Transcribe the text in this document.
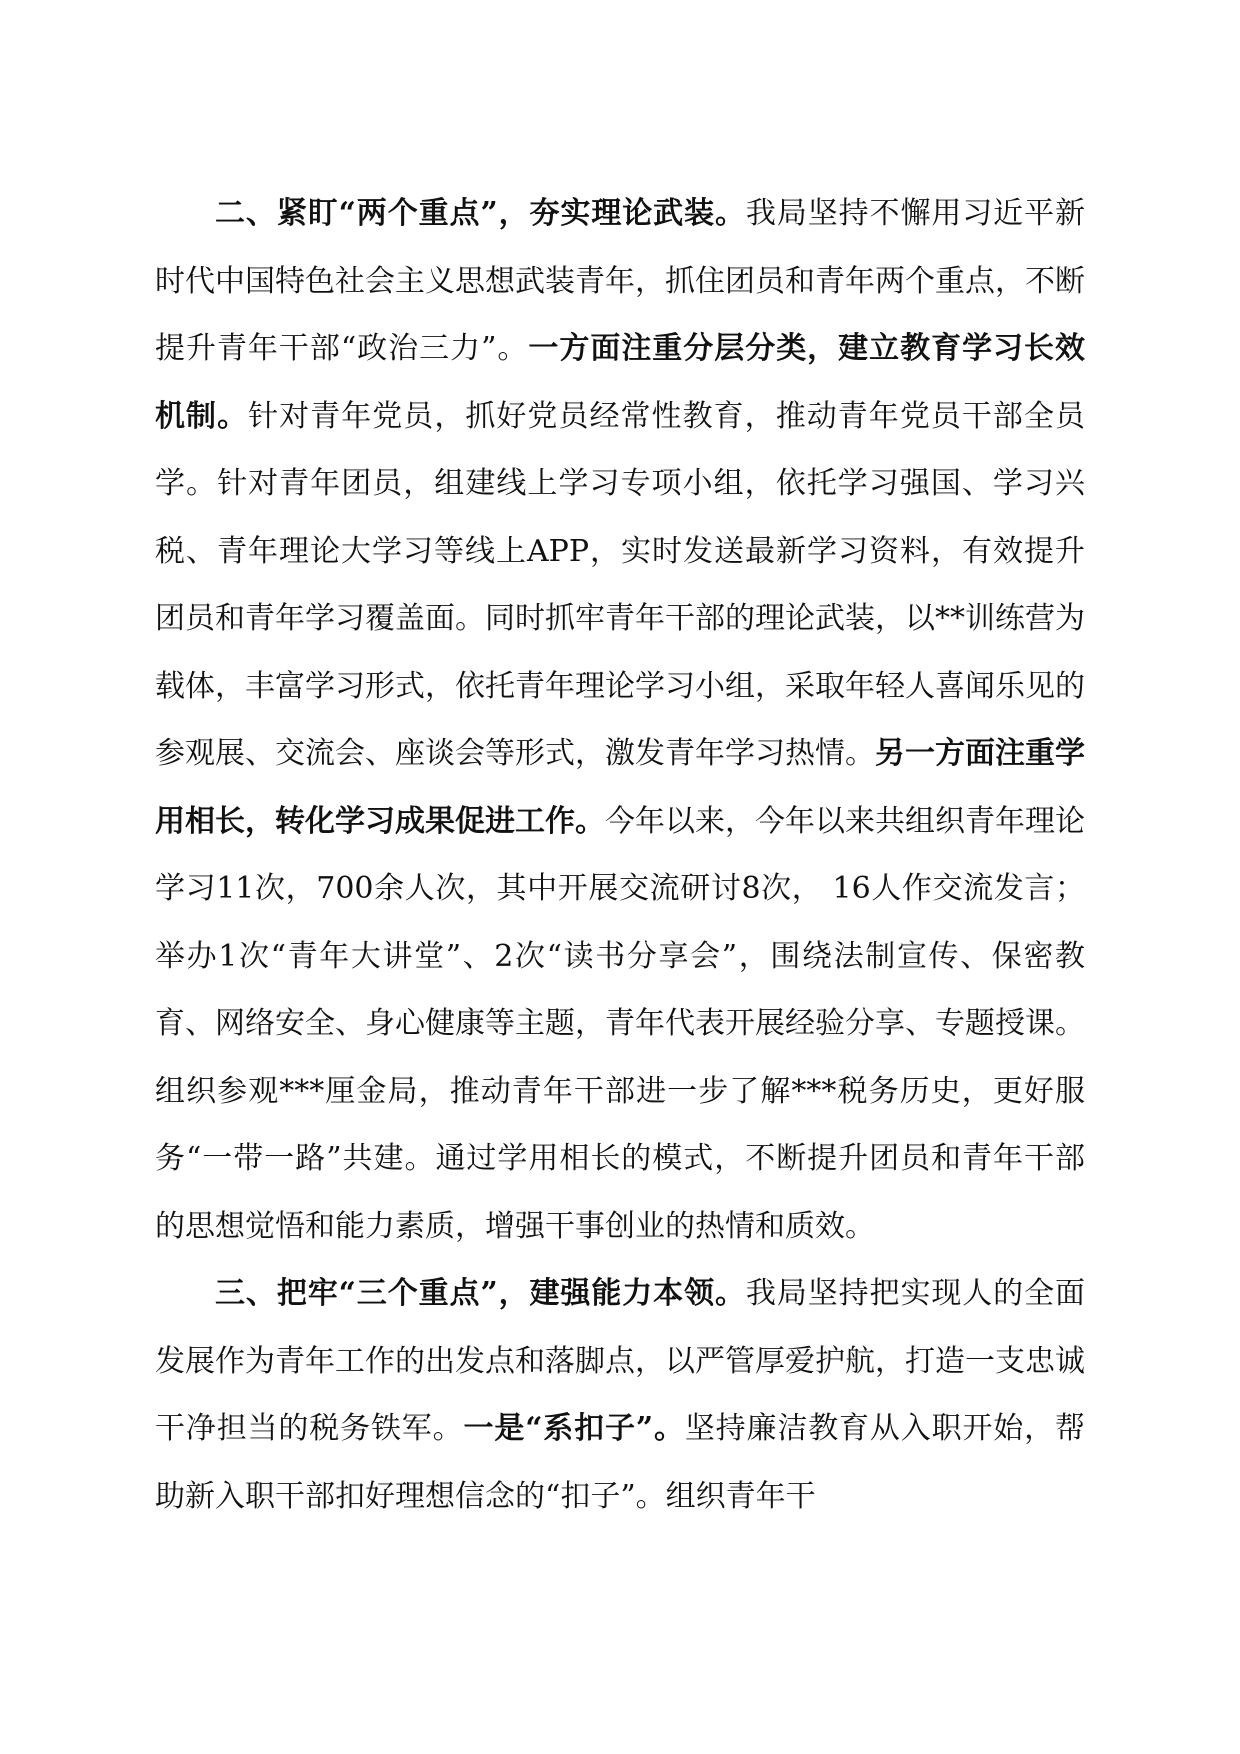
二、紧盯“两个重点”，夯实理论武装。我局坚持不懈用习近平新时代中国特色社会主义思想武装青年，抓住团员和青年两个重点，不断提升青年干部“政治三力”。一方面注重分层分类，建立教育学习长效机制。针对青年党员，抓好党员经常性教育，推动青年党员干部全员学。针对青年团员，组建线上学习专项小组，依托学习强国、学习兴税、青年理论大学习等线上APP，实时发送最新学习资料，有效提升团员和青年学习覆盖面。同时抓牢青年干部的理论武装，以**训练营为载体，丰富学习形式，依托青年理论学习小组，采取年轻人喜闻乐见的参观展、交流会、座谈会等形式，激发青年学习热情。另一方面注重学用相长，转化学习成果促进工作。今年以来，今年以来共组织青年理论学习11次，700余人次，其中开展交流研讨8次， 16人作交流发言；举办1次“青年大讲堂”、2次“读书分享会”，围绕法制宣传、保密教育、网络安全、身心健康等主题，青年代表开展经验分享、专题授课。组织参观***厘金局，推动青年干部进一步了解***税务历史，更好服务“一带一路”共建。通过学用相长的模式，不断提升团员和青年干部的思想觉悟和能力素质，增强干事创业的热情和质效。

三、把牢“三个重点”，建强能力本领。我局坚持把实现人的全面发展作为青年工作的出发点和落脚点，以严管厚爱护航，打造一支忠诚干净担当的税务铁军。一是“系扣子”。坚持廉洁教育从入职开始，帮助新入职干部扣好理想信念的“扣子”。组织青年干
